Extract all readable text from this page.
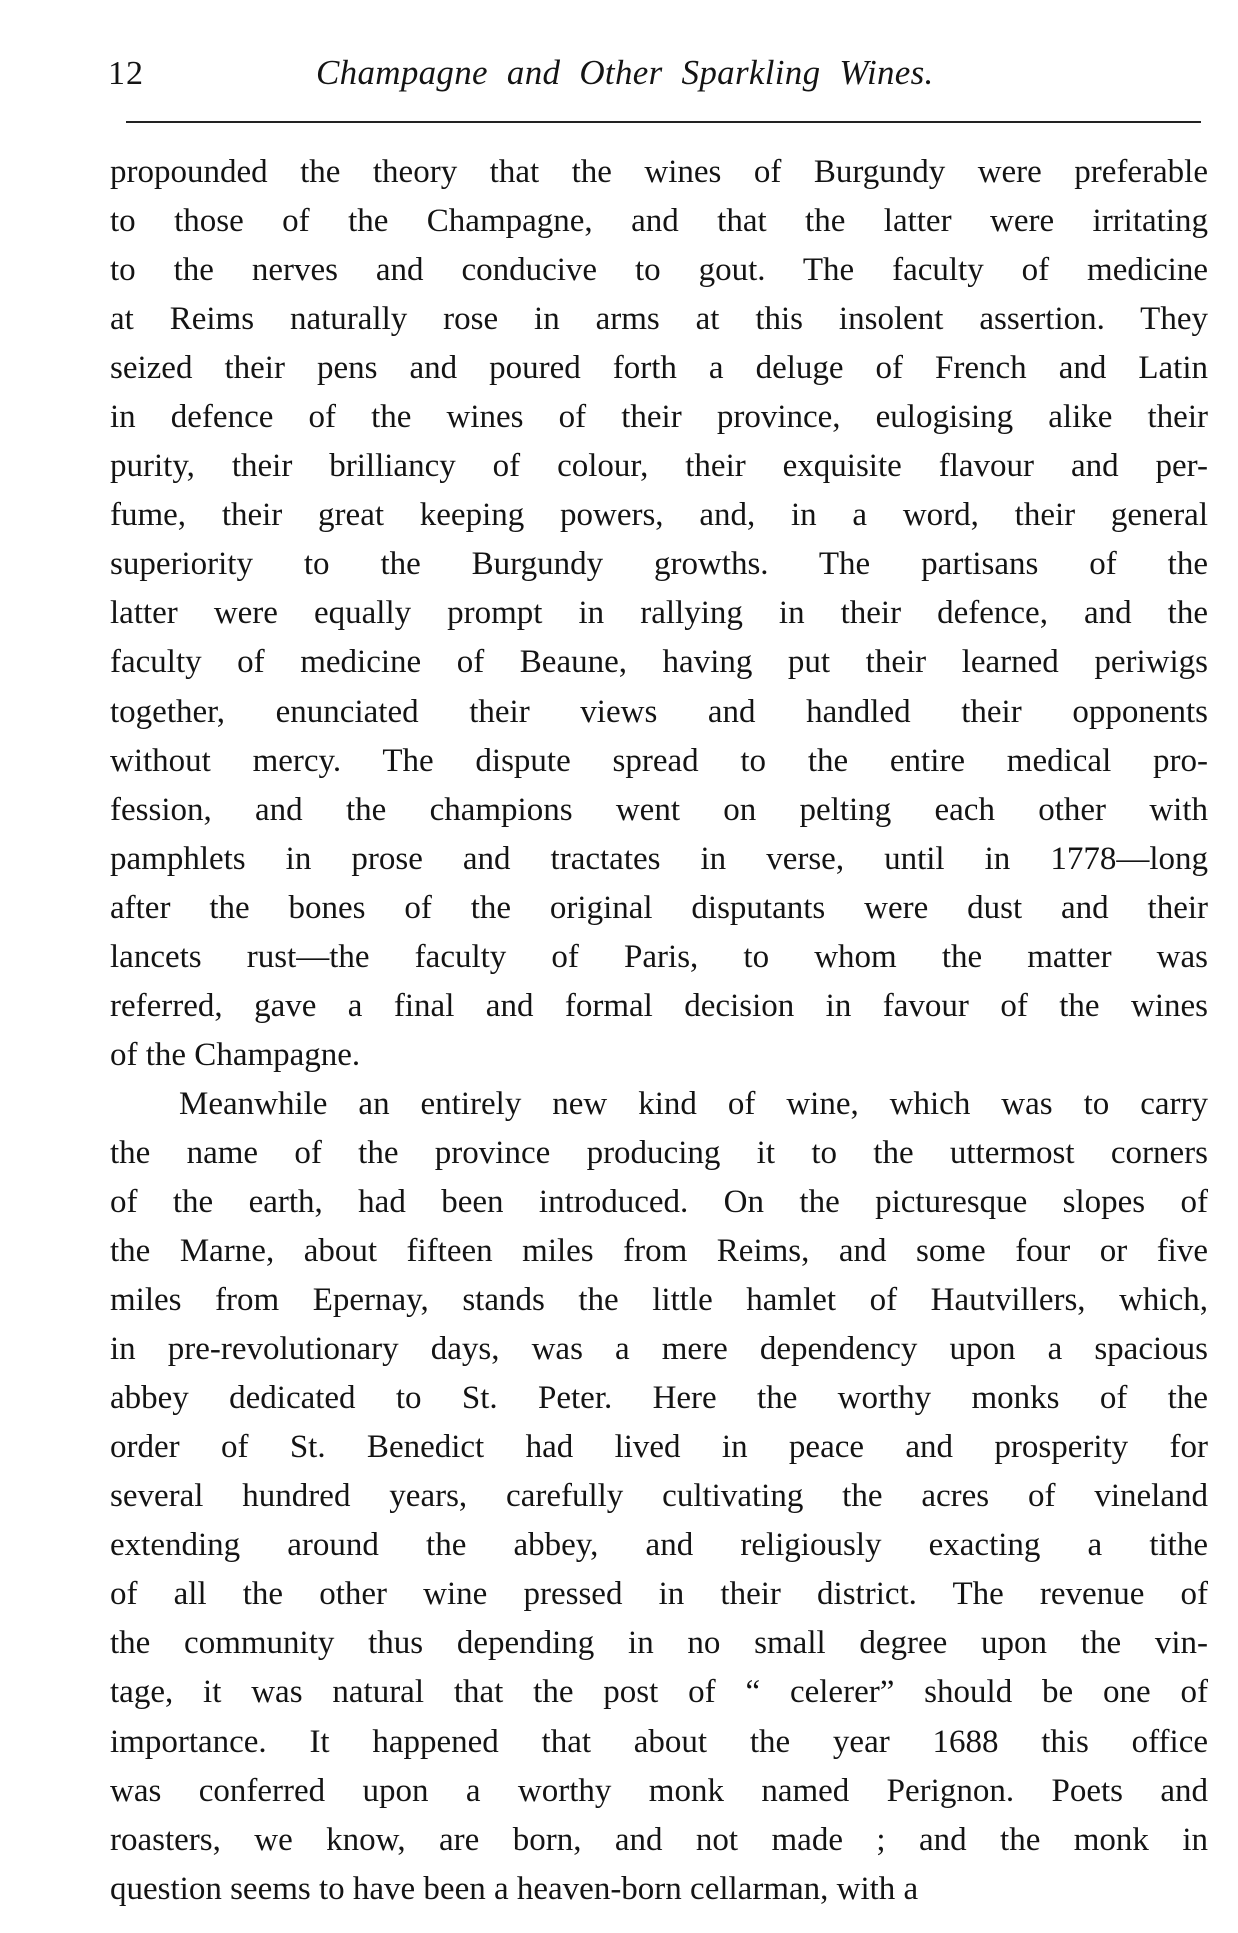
12	Champagne and Other Sparkling Wines.
propounded the theory that the wines of Burgundy were preferable
to those of the Champagne, and that the latter were irritating
to the nerves and conducive to gout. The faculty of medicine
at Reims naturally rose in arms at this insolent assertion. They
seized their pens and poured forth a deluge of French and Latin
in defence of the wines of their province, eulogising alike their
purity, their brilliancy of colour, their exquisite flavour and per-
fume, their great keeping powers, and, in a word, their general
superiority to the Burgundy growths. The partisans of the
latter were equally prompt in rallying in their defence, and the
faculty of medicine of Beaune, having put their learned periwigs
together, enunciated their views and handled their opponents
without mercy. The dispute spread to the entire medical pro-
fession, and the champions went on pelting each other with
pamphlets in prose and tractates in verse, until in 1778—long
after the bones of the original disputants were dust and their
lancets rust—the faculty of Paris, to whom the matter was
referred, gave a final and formal decision in favour of the wines
of the Champagne.
Meanwhile an entirely new kind of wine, which was to carry
the name of the province producing it to the uttermost corners
of the earth, had been introduced. On the picturesque slopes of
the Marne, about fifteen miles from Reims, and some four or five
miles from Epernay, stands the little hamlet of Hautvillers, which,
in pre-revolutionary days, was a mere dependency upon a spacious
abbey dedicated to St. Peter. Here the worthy monks of the
order of St. Benedict had lived in peace and prosperity for
several hundred years, carefully cultivating the acres of vineland
extending around the abbey, and religiously exacting a tithe
of all the other wine pressed in their district. The revenue of
the community thus depending in no small degree upon the vin-
tage, it was natural that the post of “ celerer” should be one of
importance. It happened that about the year 1688 this office
was conferred upon a worthy monk named Perignon. Poets and
roasters, we know, are born, and not made ; and the monk in
question seems to have been a heaven-born cellarman, with a
